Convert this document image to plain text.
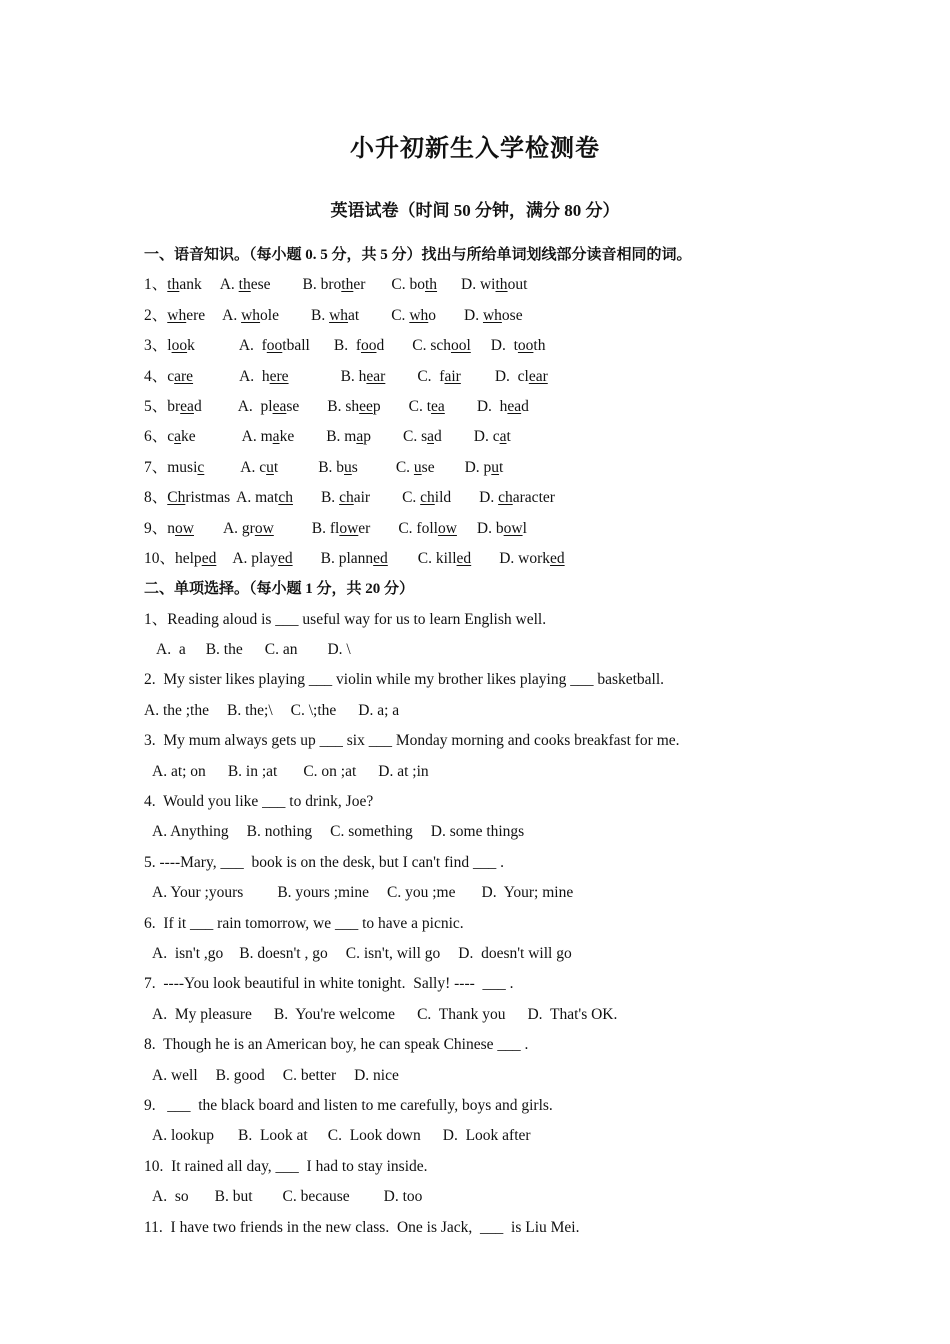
小升初新生入学检测卷
英语试卷（时间 50 分钟，满分 80 分）
一、语音知识。（每小题 0. 5 分，共 5 分）找出与所给单词划线部分读音相同的词。
1、thank A. these B. brother C. both D. without
2、where A. whole B. what C. who D. whose
3、look	A.  football B.  food C. school D.  tooth
4、care	A.  here	B. hear C.  fair D.  clear
5、bread A.  please B. sheep C. tea D.  head
6、cake	A. make B. map C. sad D. cat
7、music A. cut	B. bus C. use D. put
8、Christmas A. match B. chair C. child D. character
9、now A. grow B. flower C. follow D. bowl
10、helped A. played B. planned C. killed D. worked
二、单项选择。（每小题 1 分，共 20 分）
1、Reading aloud is ___ useful way for us to learn English well.
A.  a B. the C. an D. \
2.  My sister likes playing ___ violin while my brother likes playing ___ basketball.
A. the ;the B. the;\ C. \;the D. a; a
3.  My mum always gets up ___ six ___ Monday morning and cooks breakfast for me.
A. at; on B. in ;at C. on ;at D. at ;in
4.  Would you like ___ to drink, Joe?
A. Anything B. nothing C. something D. some things
5. ----Mary, ___  book is on the desk, but I can't find ___ .
A. Your ;yours B. yours ;mine C. you ;me D.  Your; mine
6.  If it ___ rain tomorrow, we ___ to have a picnic.
A.  isn't ,go B. doesn't , go C. isn't, will go D.  doesn't will go
7.  ----You look beautiful in white tonight.  Sally! ----  ___ .
A.  My pleasure B.  You're welcome C.  Thank you D.  That's OK.
8.  Though he is an American boy, he can speak Chinese ___ .
A. well B. good C. better D. nice
9.   ___  the black board and listen to me carefully, boys and girls.
A. lookup B.  Look at C.  Look down D.  Look after
10.  It rained all day, ___  I had to stay inside.
A.  so B. but C. because D. too
11.  I have two friends in the new class.  One is Jack,  ___  is Liu Mei.
